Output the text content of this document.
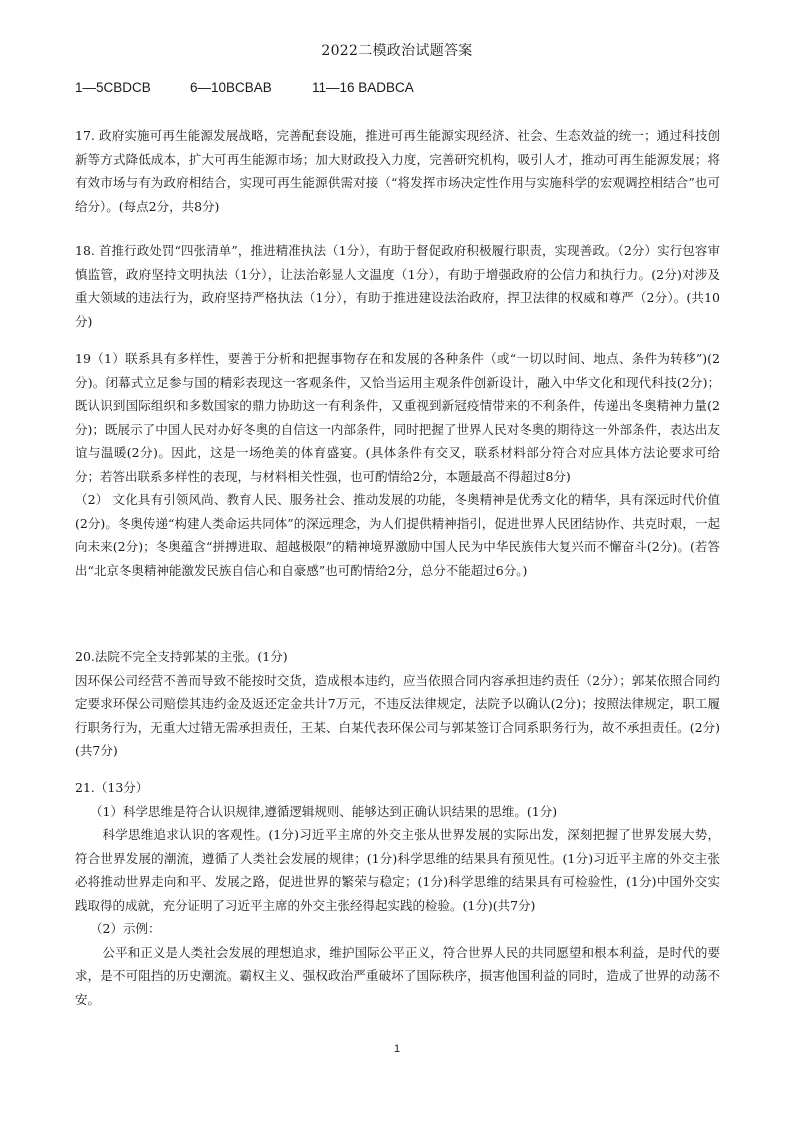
2022二模政治试题答案
1—5CBDCB	6—10BCBAB	11—16 BADBCA

17. 政府实施可再生能源发展战略，完善配套设施，推进可再生能源实现经济、社会、生态效益的统一；通过科技创新等方式降低成本，扩大可再生能源市场；加大财政投入力度，完善研究机构，吸引人才，推动可再生能源发展；将有效市场与有为政府相结合，实现可再生能源供需对接（“将发挥市场决定性作用与实施科学的宏观调控相结合”也可给分）。(每点2分，共8分)

18. 首推行政处罚“四张清单”，推进精准执法（1分），有助于督促政府积极履行职责，实现善政。（2分）实行包容审慎监管，政府坚持文明执法（1分），让法治彰显人文温度（1分），有助于增强政府的公信力和执行力。(2分)对涉及重大领域的违法行为，政府坚持严格执法（1分），有助于推进建设法治政府，捍卫法律的权威和尊严（2分）。(共10分)

19（1）联系具有多样性，要善于分析和把握事物存在和发展的各种条件（或“一切以时间、地点、条件为转移”)(2分)。闭幕式立足参与国的精彩表现这一客观条件，又恰当运用主观条件创新设计，融入中华文化和现代科技(2分)；既认识到国际组织和多数国家的鼎力协助这一有利条件，又重视到新冠疫情带来的不利条件，传递出冬奥精神力量(2分)；既展示了中国人民对办好冬奥的自信这一内部条件，同时把握了世界人民对冬奥的期待这一外部条件，表达出友谊与温暖(2分)。因此，这是一场绝美的体育盛宴。(具体条件有交叉，联系材料部分符合对应具体方法论要求可给分；若答出联系多样性的表现，与材料相关性强，也可酌情给2分，本题最高不得超过8分)

（2） 文化具有引领风尚、教育人民、服务社会、推动发展的功能，冬奥精神是优秀文化的精华，具有深远时代价值(2分)。冬奥传递“构建人类命运共同体”的深远理念，为人们提供精神指引，促进世界人民团结协作、共克时艰，一起向未来(2分)；冬奥蕴含“拼搏进取、超越极限”的精神境界激励中国人民为中华民族伟大复兴而不懈奋斗(2分)。(若答出“北京冬奥精神能激发民族自信心和自豪感”也可酌情给2分，总分不能超过6分。)

20.法院不完全支持郭某的主张。(1分)

因环保公司经营不善而导致不能按时交货，造成根本违约，应当依照合同内容承担违约责任（2分）；郭某依照合同约定要求环保公司赔偿其违约金及返还定金共计7万元，不违反法律规定，法院予以确认(2分)；按照法律规定，职工履行职务行为，无重大过错无需承担责任，王某、白某代表环保公司与郭某签订合同系职务行为，故不承担责任。(2分)(共7分)

21.（13分）

（1）科学思维是符合认识规律,遵循逻辑规则、能够达到正确认识结果的思维。(1分)

科学思维追求认识的客观性。(1分)习近平主席的外交主张从世界发展的实际出发，深刻把握了世界发展大势，符合世界发展的潮流，遵循了人类社会发展的规律；(1分)科学思维的结果具有预见性。(1分)习近平主席的外交主张必将推动世界走向和平、发展之路，促进世界的繁荣与稳定；(1分)科学思维的结果具有可检验性，(1分)中国外交实践取得的成就，充分证明了习近平主席的外交主张经得起实践的检验。(1分)(共7分)

（2）示例：

公平和正义是人类社会发展的理想追求，维护国际公平正义，符合世界人民的共同愿望和根本利益，是时代的要求，是不可阻挡的历史潮流。霸权主义、强权政治严重破坏了国际秩序，损害他国利益的同时，造成了世界的动荡不安。

1
